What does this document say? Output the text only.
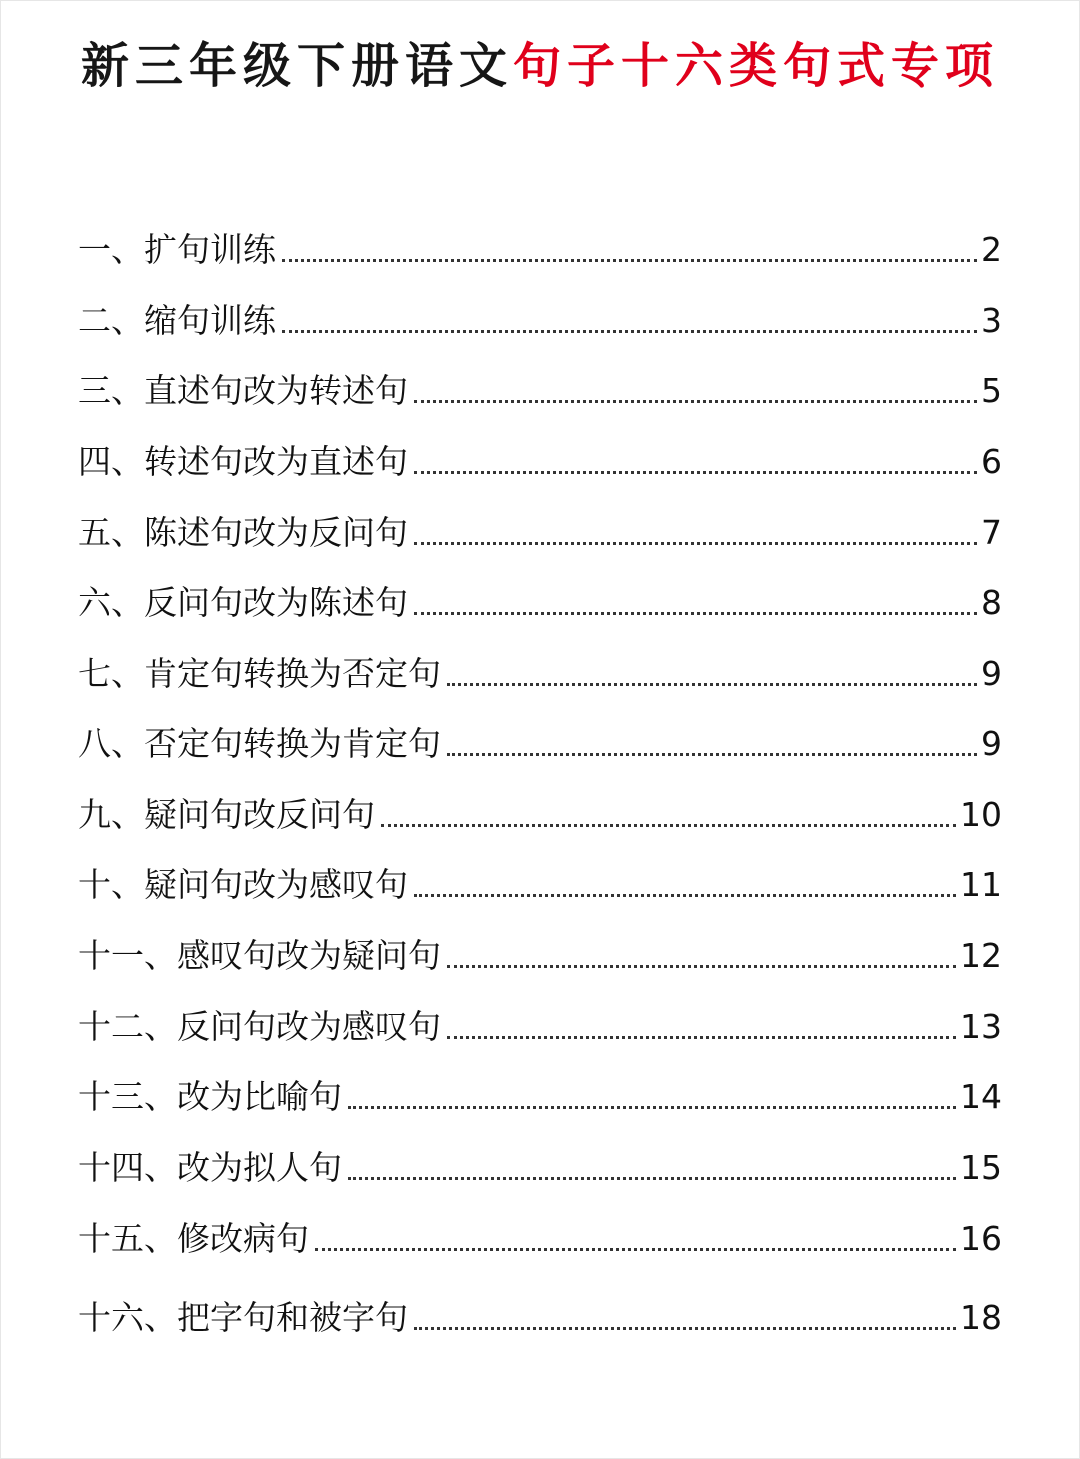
新三年级下册语文句子十六类句式专项
一、扩句训练	2
二、缩句训练	3
三、直述句改为转述句	5
四、转述句改为直述句	6
五、陈述句改为反问句	7
六、反问句改为陈述句	8
七、肯定句转换为否定句	9
八、否定句转换为肯定句	9
九、疑问句改反问句	10
十、疑问句改为感叹句	11
十一、感叹句改为疑问句	12
十二、反问句改为感叹句	13
十三、改为比喻句	14
十四、改为拟人句	15
十五、修改病句	16
十六、把字句和被字句	18
